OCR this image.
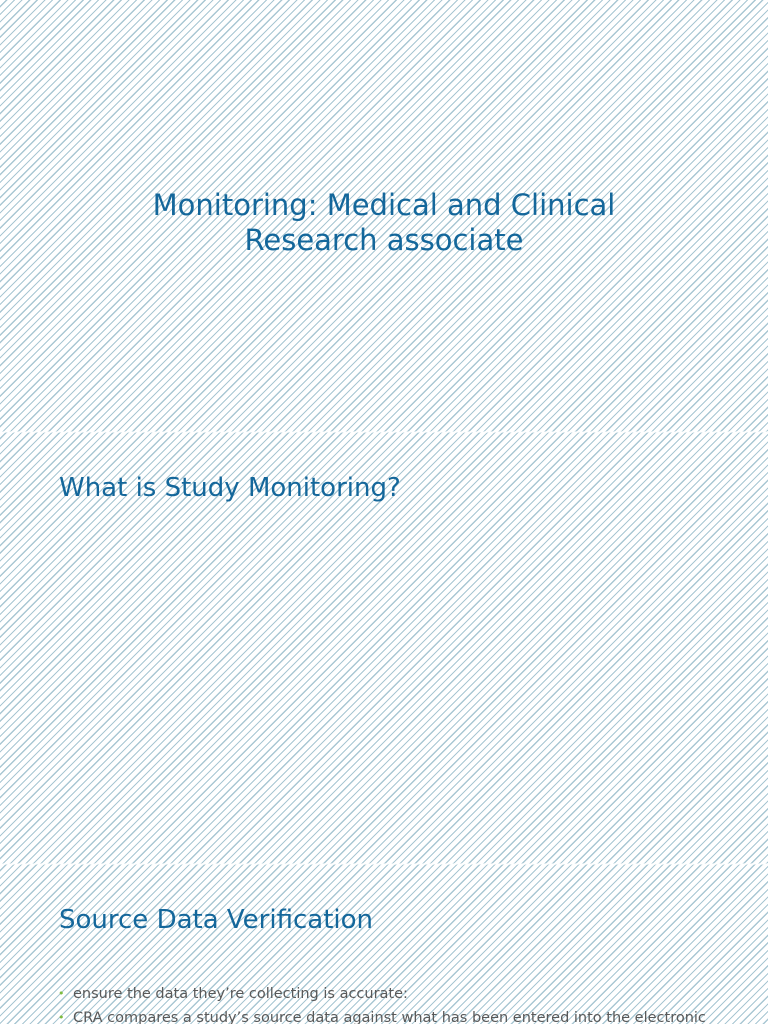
Monitoring: Medical and Clinical
Research associate
What is Study Monitoring?
Source Data Verification
• ensure the data they’re collecting is accurate:
• CRA compares a study’s source data against what has been entered into the electronic
